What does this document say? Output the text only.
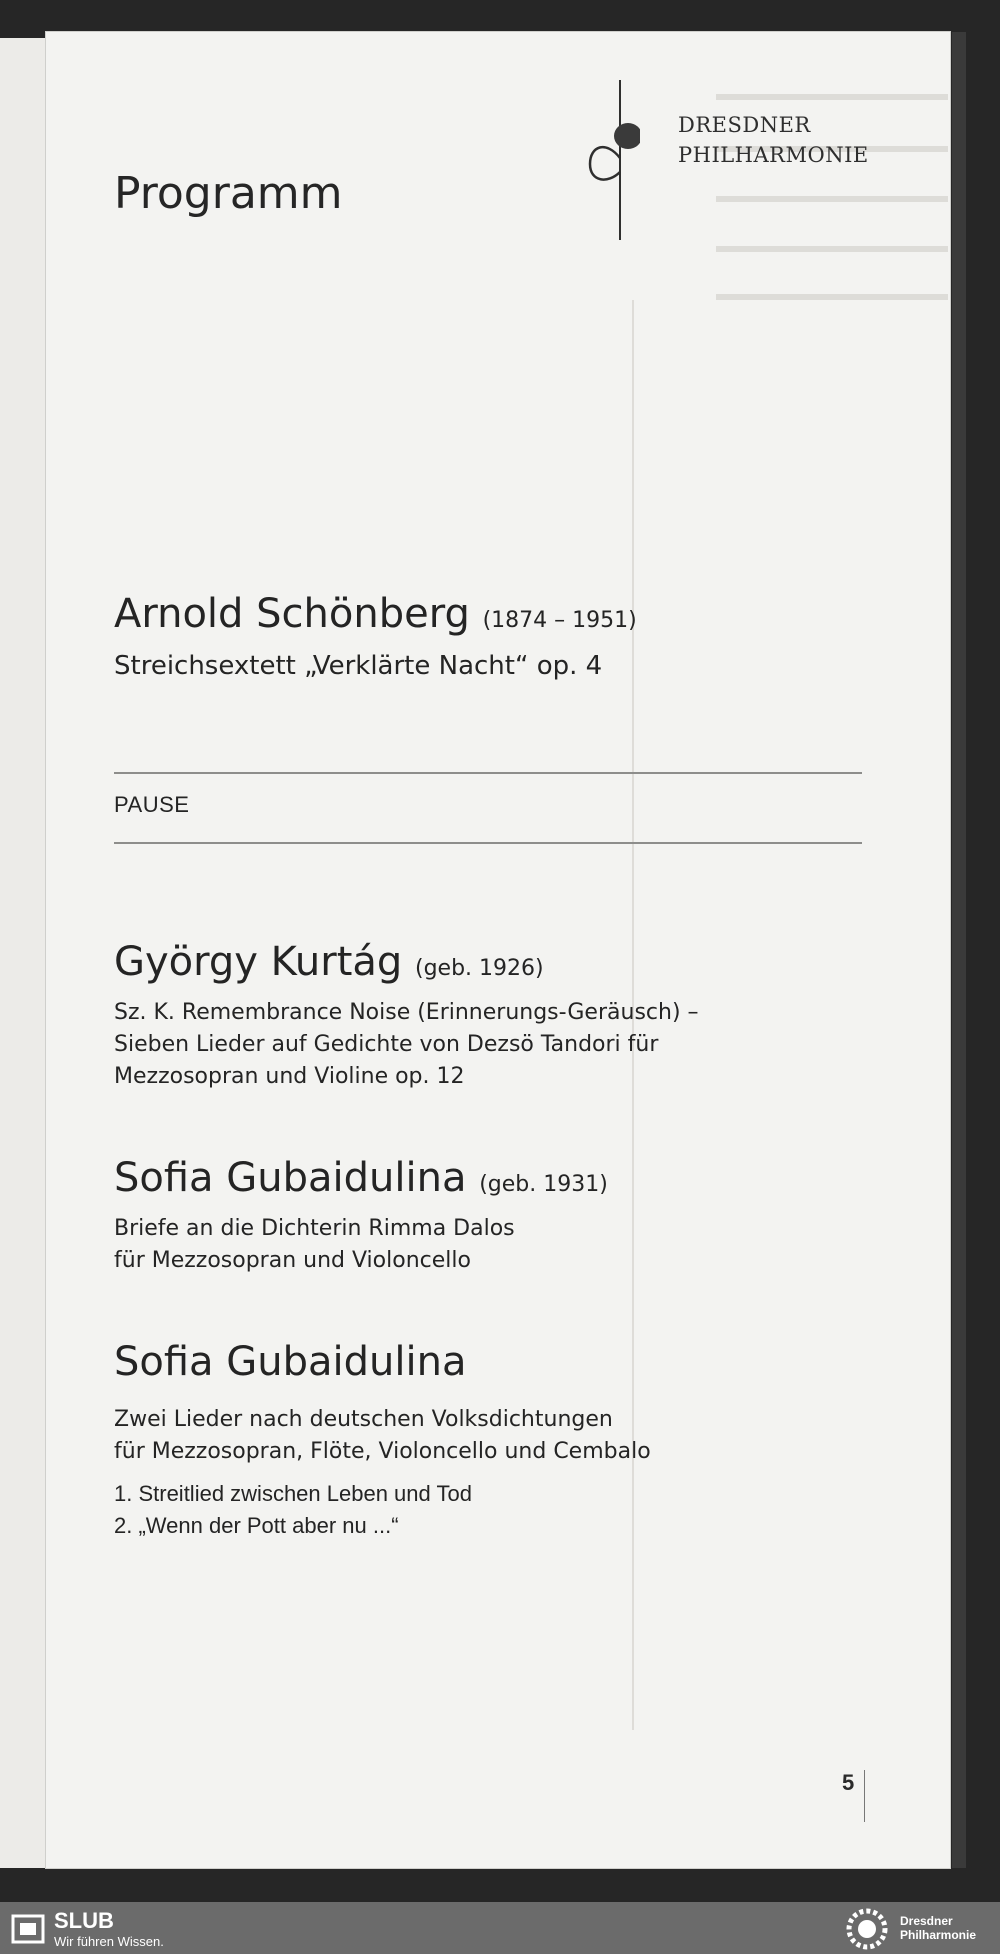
DRESDNER
PHILHARMONIE
Programm
Arnold Schönberg (1874 – 1951)
Streichsextett „Verklärte Nacht“ op. 4
PAUSE
György Kurtág (geb. 1926)
Sz. K. Remembrance Noise (Erinnerungs-Geräusch) –
Sieben Lieder auf Gedichte von Dezsö Tandori für
Mezzosopran und Violine op. 12
Sofia Gubaidulina (geb. 1931)
Briefe an die Dichterin Rimma Dalos
für Mezzosopran und Violoncello
Sofia Gubaidulina
Zwei Lieder nach deutschen Volksdichtungen
für Mezzosopran, Flöte, Violoncello und Cembalo
1. Streitlied zwischen Leben und Tod
2. „Wenn der Pott aber nu ...“
5
SLUB
Wir führen Wissen.
Dresdner
Philharmonie
